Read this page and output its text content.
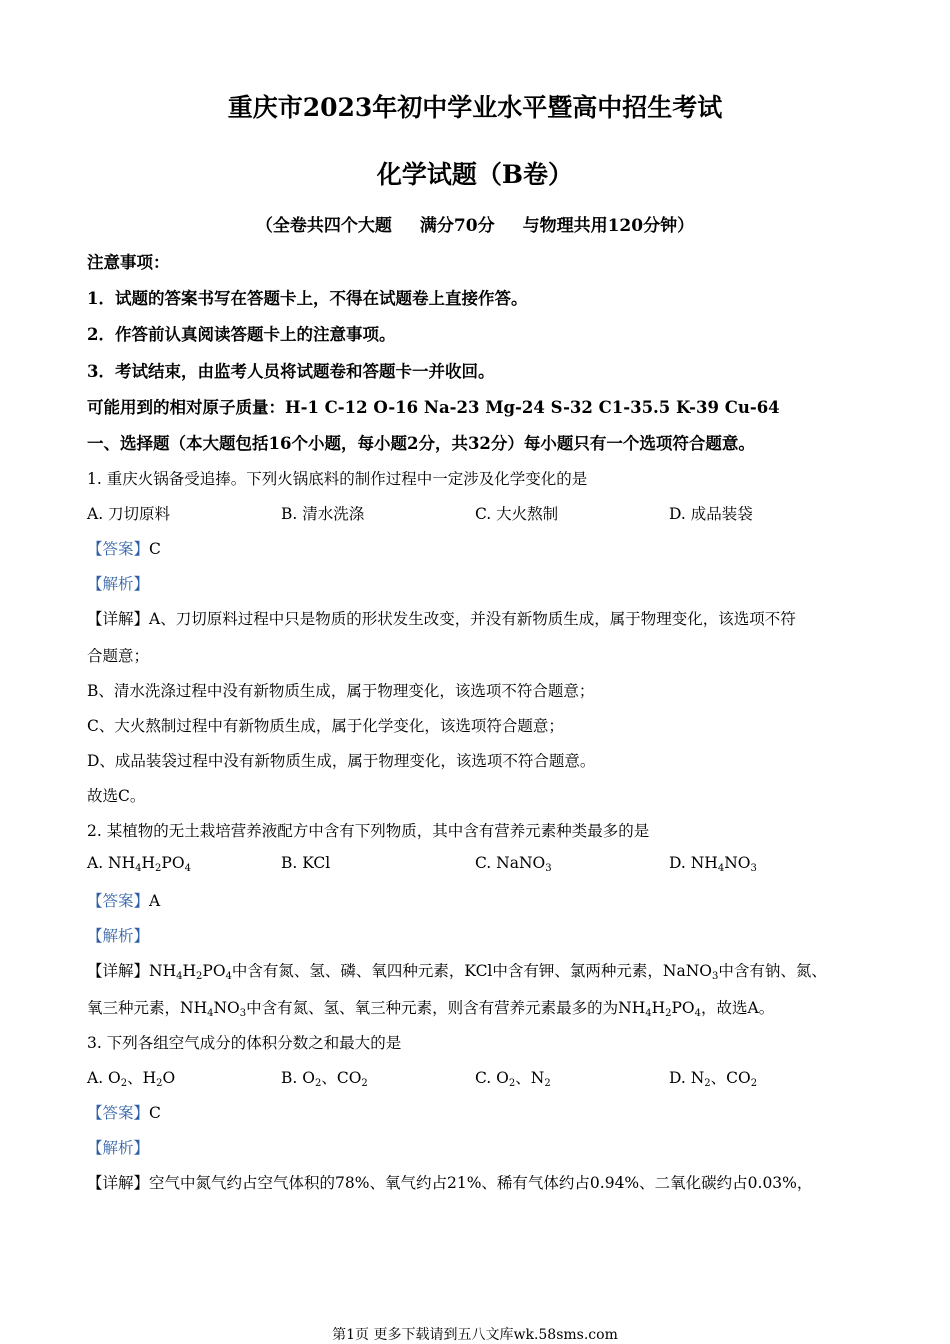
重庆市2023年初中学业水平暨高中招生考试
化学试题（B卷）
（全卷共四个大题 满分70分 与物理共用120分钟）
注意事项：
1．试题的答案书写在答题卡上，不得在试题卷上直接作答。
2．作答前认真阅读答题卡上的注意事项。
3．考试结束，由监考人员将试题卷和答题卡一并收回。
可能用到的相对原子质量：H-1 C-12 O-16 Na-23 Mg-24 S-32 C1-35.5 K-39 Cu-64
一、选择题（本大题包括16个小题，每小题2分，共32分）每小题只有一个选项符合题意。
1. 重庆火锅备受追捧。下列火锅底料的制作过程中一定涉及化学变化的是
A. 刀切原料	B. 清水洗涤	C. 大火熬制	D. 成品装袋
【答案】C
【解析】
【详解】A、刀切原料过程中只是物质的形状发生改变，并没有新物质生成，属于物理变化，该选项不符
合题意；
B、清水洗涤过程中没有新物质生成，属于物理变化，该选项不符合题意；
C、大火熬制过程中有新物质生成，属于化学变化，该选项符合题意；
D、成品装袋过程中没有新物质生成，属于物理变化，该选项不符合题意。
故选C。
2. 某植物的无土栽培营养液配方中含有下列物质，其中含有营养元素种类最多的是
A. $NH_4H_2PO_4$	B. KCl	C. NaNO$_3$	D. $NH_4NO_3$
【答案】A
【解析】
【详解】$NH_4H_2PO_4$中含有氮、氢、磷、氧四种元素，KCl中含有钾、氯两种元素，NaNO$_3$中含有钠、氮、
氧三种元素，$NH_4NO_3$中含有氮、氢、氧三种元素，则含有营养元素最多的为$NH_4H_2PO_4$，故选A。
3. 下列各组空气成分的体积分数之和最大的是
A. $O_2$、$H_2O$	B. $O_2$、$CO_2$	C. $O_2$、$N_2$	D. $N_2$、$CO_2$
【答案】C
【解析】
【详解】空气中氮气约占空气体积的78%、氧气约占21%、稀有气体约占0.94%、二氧化碳约占0.03%，
第1页 更多下载请到五八文库wk.58sms.com
